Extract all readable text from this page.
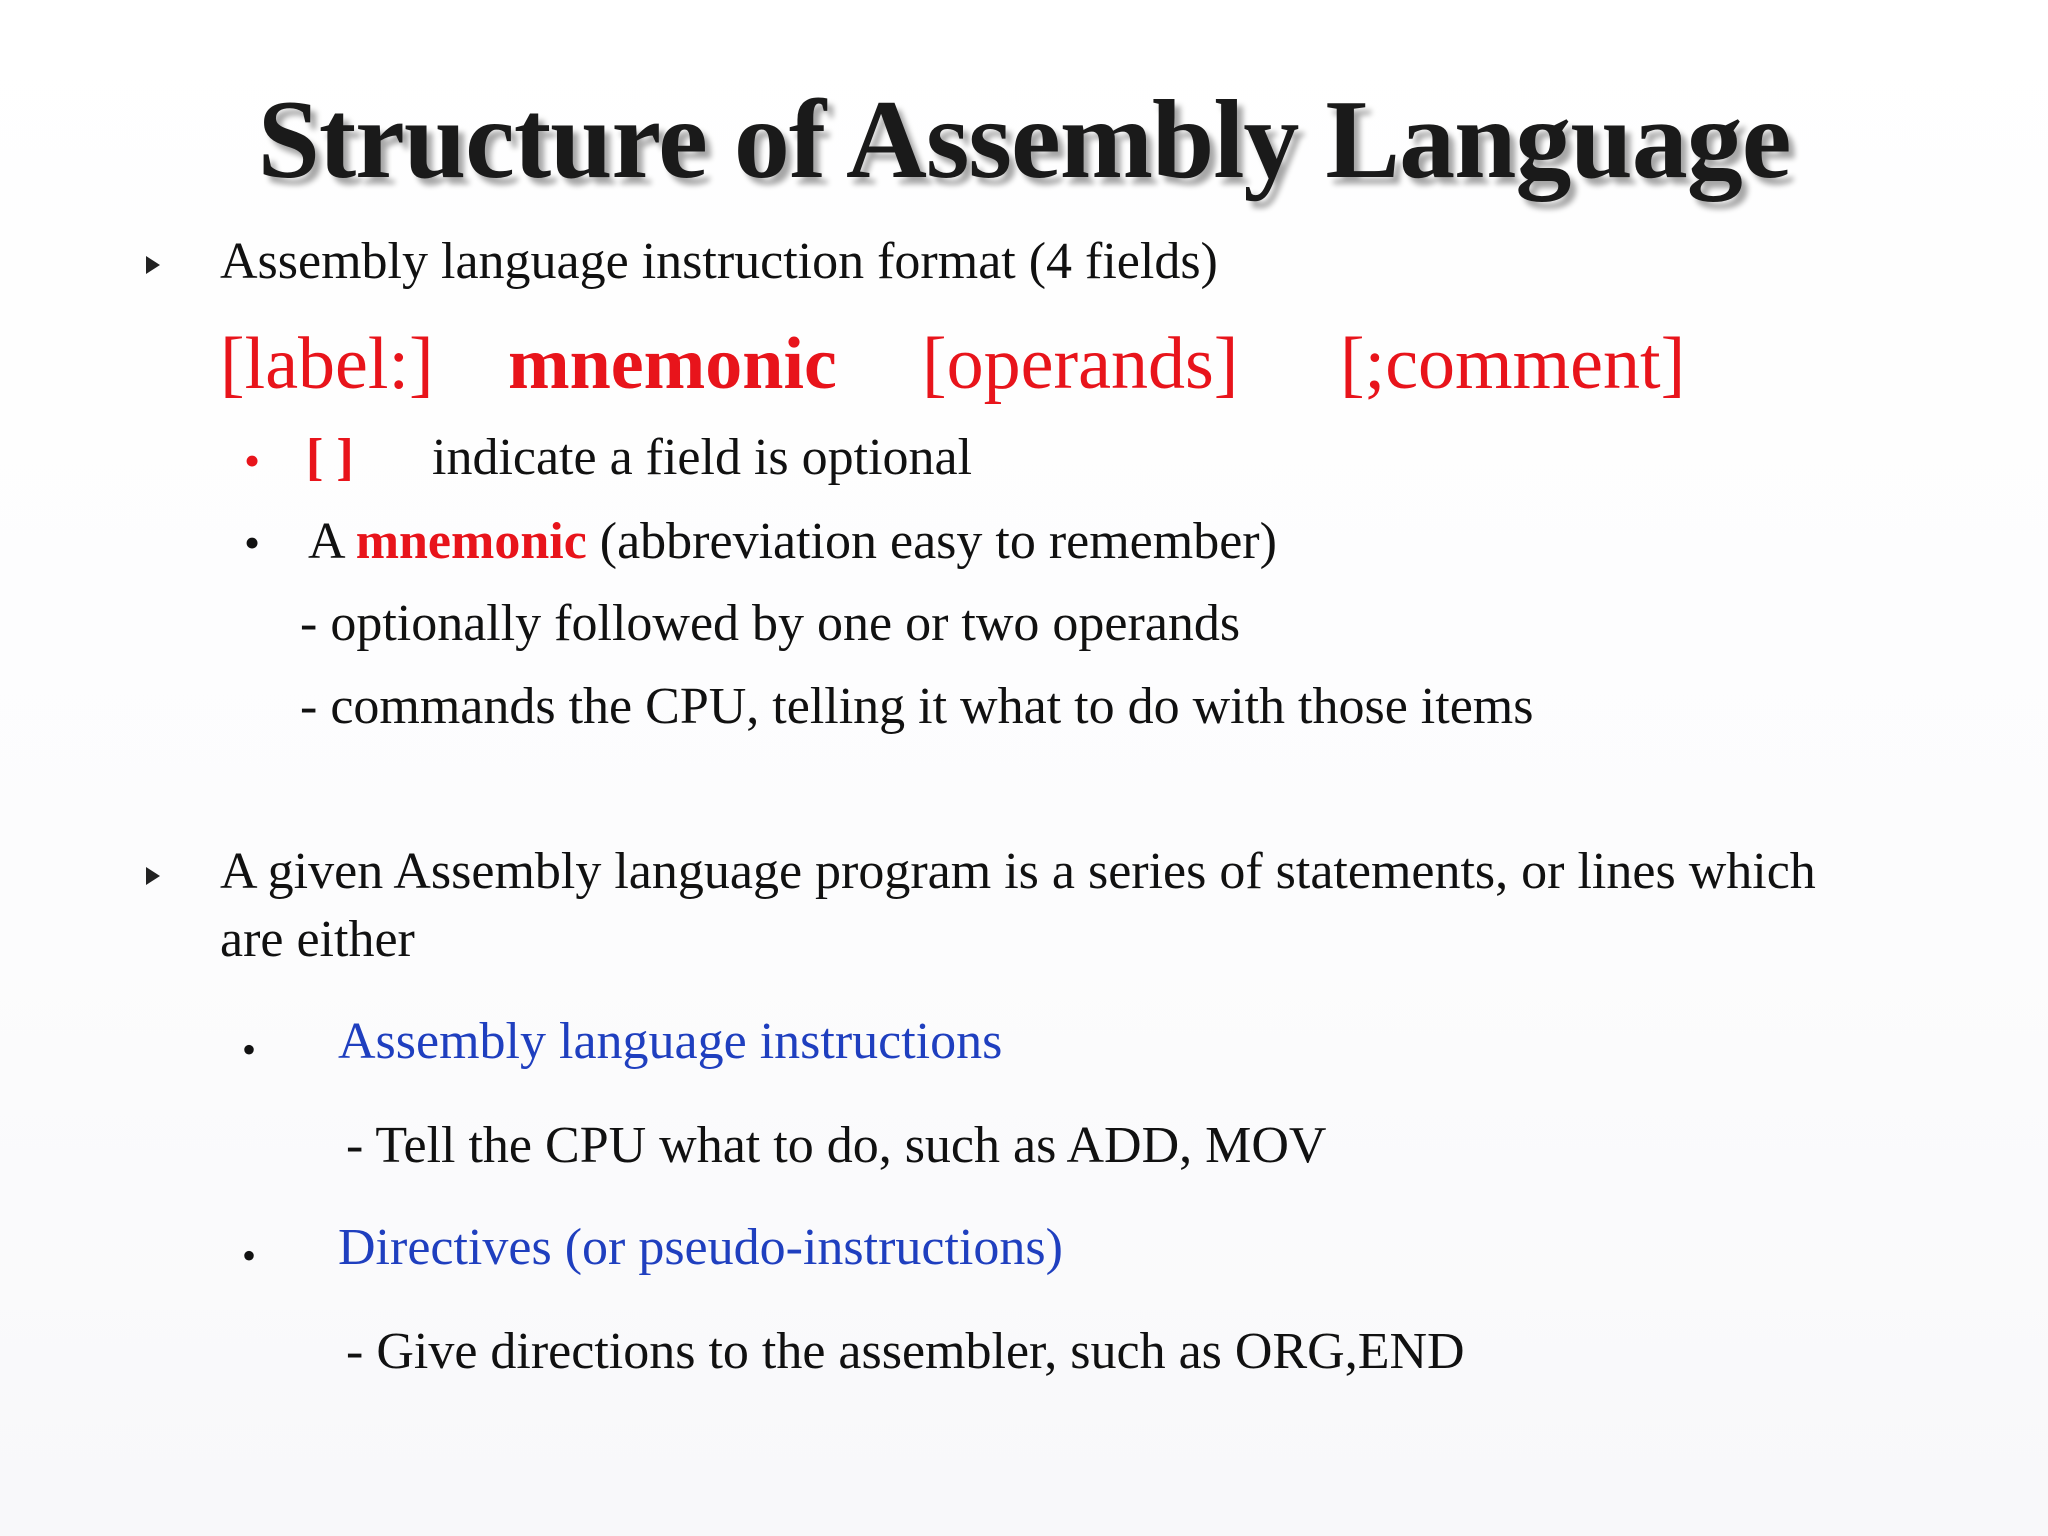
Structure of Assembly Language
Assembly language instruction format (4 fields)
[label:] mnemonic [operands] [;comment]
• [ ] indicate a field is optional
• A mnemonic (abbreviation easy to remember)
- optionally followed by one or two operands
- commands the CPU, telling it what to do with those items
A given Assembly language program is a series of statements, or lines which
are either
• Assembly language instructions
- Tell the CPU what to do, such as ADD, MOV
• Directives (or pseudo-instructions)
- Give directions to the assembler, such as ORG,END
